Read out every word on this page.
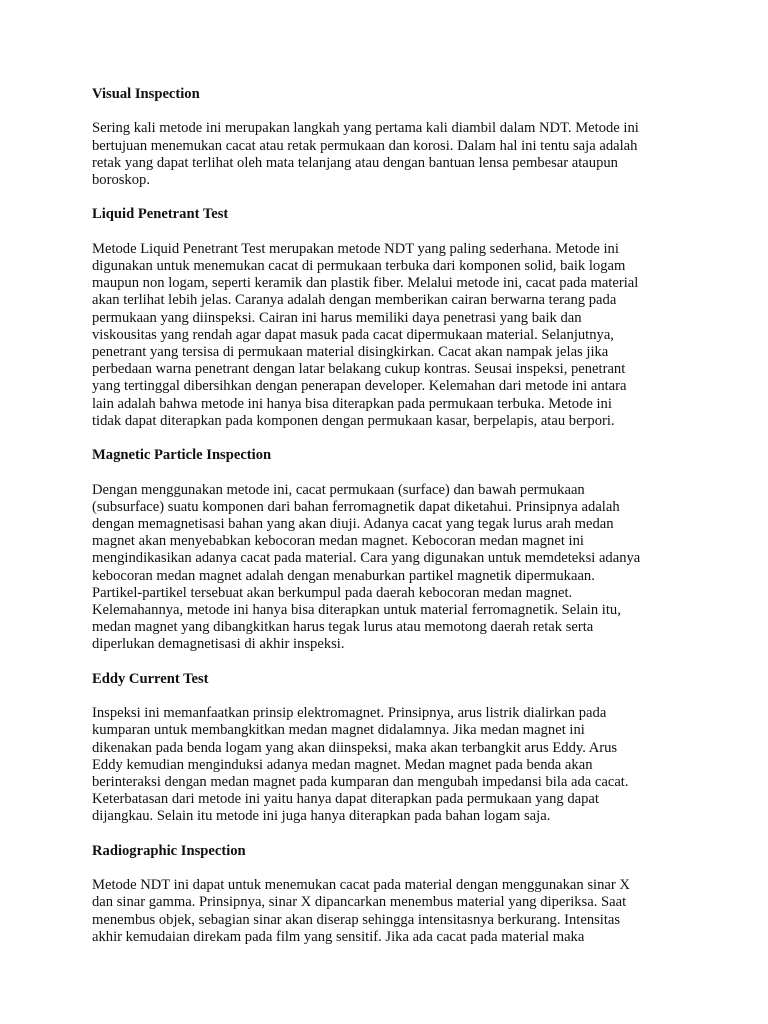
Visual Inspection
Sering kali metode ini merupakan langkah yang pertama kali diambil dalam NDT. Metode ini
bertujuan menemukan cacat atau retak permukaan dan korosi. Dalam hal ini tentu saja adalah
retak yang dapat terlihat oleh mata telanjang atau dengan bantuan lensa pembesar ataupun
boroskop.
Liquid Penetrant Test
Metode Liquid Penetrant Test merupakan metode NDT yang paling sederhana. Metode ini
digunakan untuk menemukan cacat di permukaan terbuka dari komponen solid, baik logam
maupun non logam, seperti keramik dan plastik fiber. Melalui metode ini, cacat pada material
akan terlihat lebih jelas. Caranya adalah dengan memberikan cairan berwarna terang pada
permukaan yang diinspeksi. Cairan ini harus memiliki daya penetrasi yang baik dan
viskousitas yang rendah agar dapat masuk pada cacat dipermukaan material. Selanjutnya,
penetrant yang tersisa di permukaan material disingkirkan. Cacat akan nampak jelas jika
perbedaan warna penetrant dengan latar belakang cukup kontras. Seusai inspeksi, penetrant
yang tertinggal dibersihkan dengan penerapan developer. Kelemahan dari metode ini antara
lain adalah bahwa metode ini hanya bisa diterapkan pada permukaan terbuka. Metode ini
tidak dapat diterapkan pada komponen dengan permukaan kasar, berpelapis, atau berpori.
Magnetic Particle Inspection
Dengan menggunakan metode ini, cacat permukaan (surface) dan bawah permukaan
(subsurface) suatu komponen dari bahan ferromagnetik dapat diketahui. Prinsipnya adalah
dengan memagnetisasi bahan yang akan diuji. Adanya cacat yang tegak lurus arah medan
magnet akan menyebabkan kebocoran medan magnet. Kebocoran medan magnet ini
mengindikasikan adanya cacat pada material. Cara yang digunakan untuk memdeteksi adanya
kebocoran medan magnet adalah dengan menaburkan partikel magnetik dipermukaan.
Partikel-partikel tersebuat akan berkumpul pada daerah kebocoran medan magnet.
Kelemahannya, metode ini hanya bisa diterapkan untuk material ferromagnetik. Selain itu,
medan magnet yang dibangkitkan harus tegak lurus atau memotong daerah retak serta
diperlukan demagnetisasi di akhir inspeksi.
Eddy Current Test
Inspeksi ini memanfaatkan prinsip elektromagnet. Prinsipnya, arus listrik dialirkan pada
kumparan untuk membangkitkan medan magnet didalamnya. Jika medan magnet ini
dikenakan pada benda logam yang akan diinspeksi, maka akan terbangkit arus Eddy. Arus
Eddy kemudian menginduksi adanya medan magnet. Medan magnet pada benda akan
berinteraksi dengan medan magnet pada kumparan dan mengubah impedansi bila ada cacat.
Keterbatasan dari metode ini yaitu hanya dapat diterapkan pada permukaan yang dapat
dijangkau. Selain itu metode ini juga hanya diterapkan pada bahan logam saja.
Radiographic Inspection
Metode NDT ini dapat untuk menemukan cacat pada material dengan menggunakan sinar X
dan sinar gamma. Prinsipnya, sinar X dipancarkan menembus material yang diperiksa. Saat
menembus objek, sebagian sinar akan diserap sehingga intensitasnya berkurang. Intensitas
akhir kemudaian direkam pada film yang sensitif. Jika ada cacat pada material maka
